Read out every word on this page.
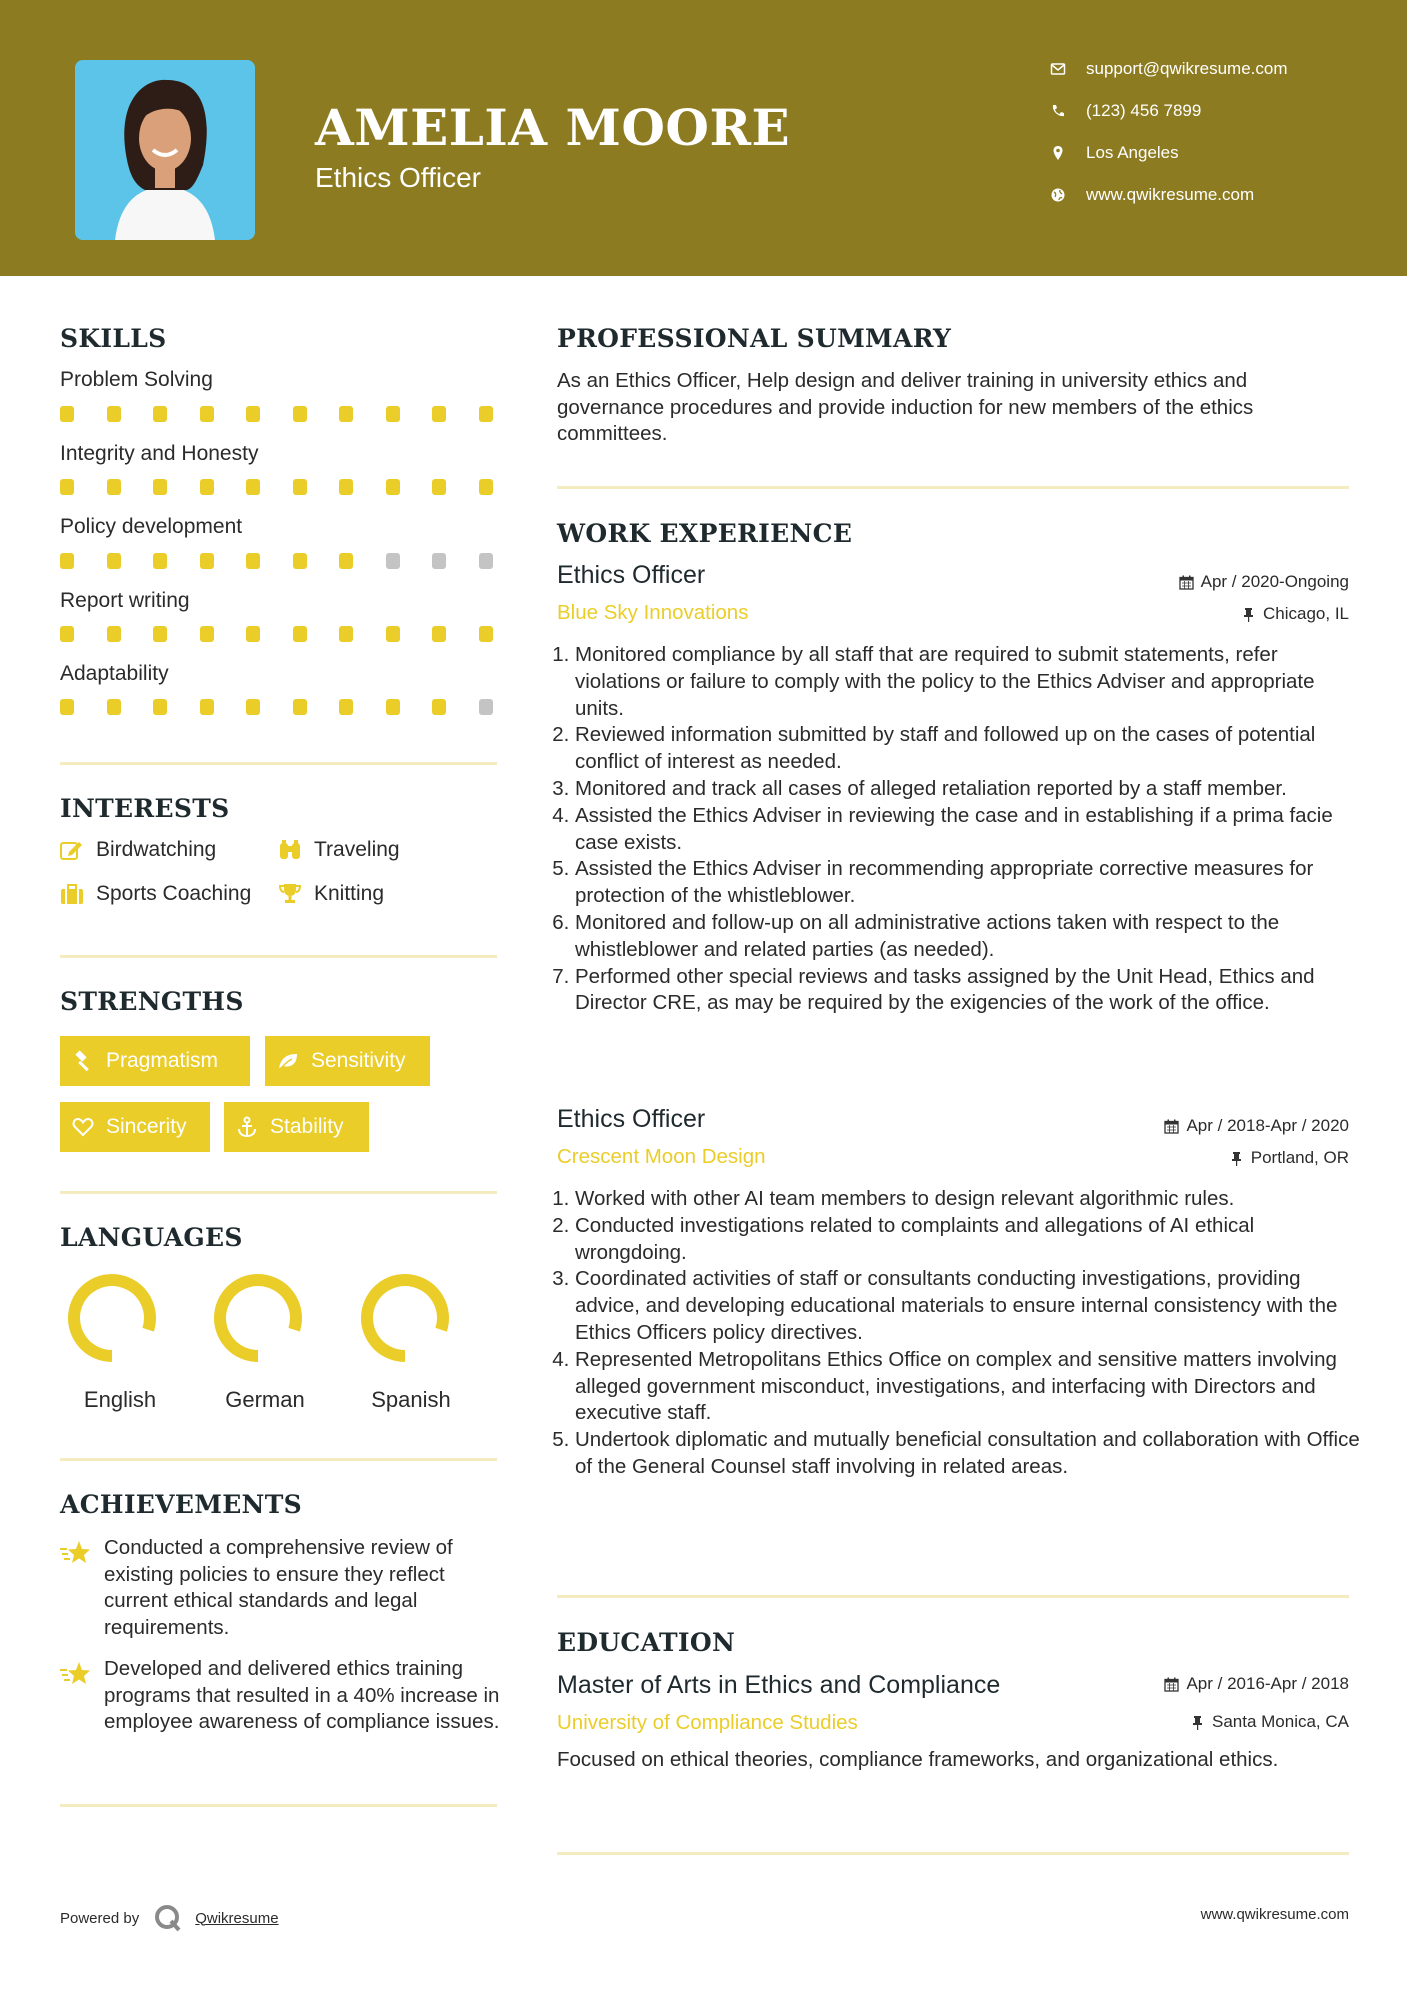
AMELIA MOORE
Ethics Officer
support@qwikresume.com
(123) 456 7899
Los Angeles
www.qwikresume.com
SKILLS
Problem Solving
Integrity and Honesty
Policy development
Report writing
Adaptability
INTERESTS
Birdwatching	Traveling
Sports Coaching	Knitting
STRENGTHS
Pragmatism	Sensitivity
Sincerity	Stability
LANGUAGES
English	German	Spanish
ACHIEVEMENTS
Conducted a comprehensive review of existing policies to ensure they reflect current ethical standards and legal requirements.
Developed and delivered ethics training programs that resulted in a 40% increase in employee awareness of compliance issues.
PROFESSIONAL SUMMARY
As an Ethics Officer, Help design and deliver training in university ethics and governance procedures and provide induction for new members of the ethics committees.
WORK EXPERIENCE
Ethics Officer	Apr / 2020-Ongoing
Blue Sky Innovations	Chicago, IL
1. Monitored compliance by all staff that are required to submit statements, refer violations or failure to comply with the policy to the Ethics Adviser and appropriate units.
2. Reviewed information submitted by staff and followed up on the cases of potential conflict of interest as needed.
3. Monitored and track all cases of alleged retaliation reported by a staff member.
4. Assisted the Ethics Adviser in reviewing the case and in establishing if a prima facie case exists.
5. Assisted the Ethics Adviser in recommending appropriate corrective measures for protection of the whistleblower.
6. Monitored and follow-up on all administrative actions taken with respect to the whistleblower and related parties (as needed).
7. Performed other special reviews and tasks assigned by the Unit Head, Ethics and Director CRE, as may be required by the exigencies of the work of the office.
Ethics Officer	Apr / 2018-Apr / 2020
Crescent Moon Design	Portland, OR
1. Worked with other AI team members to design relevant algorithmic rules.
2. Conducted investigations related to complaints and allegations of AI ethical wrongdoing.
3. Coordinated activities of staff or consultants conducting investigations, providing advice, and developing educational materials to ensure internal consistency with the Ethics Officers policy directives.
4. Represented Metropolitans Ethics Office on complex and sensitive matters involving alleged government misconduct, investigations, and interfacing with Directors and executive staff.
5. Undertook diplomatic and mutually beneficial consultation and collaboration with Office of the General Counsel staff involving in related areas.
EDUCATION
Master of Arts in Ethics and Compliance	Apr / 2016-Apr / 2018
University of Compliance Studies	Santa Monica, CA
Focused on ethical theories, compliance frameworks, and organizational ethics.
Powered by	Qwikresume	www.qwikresume.com
